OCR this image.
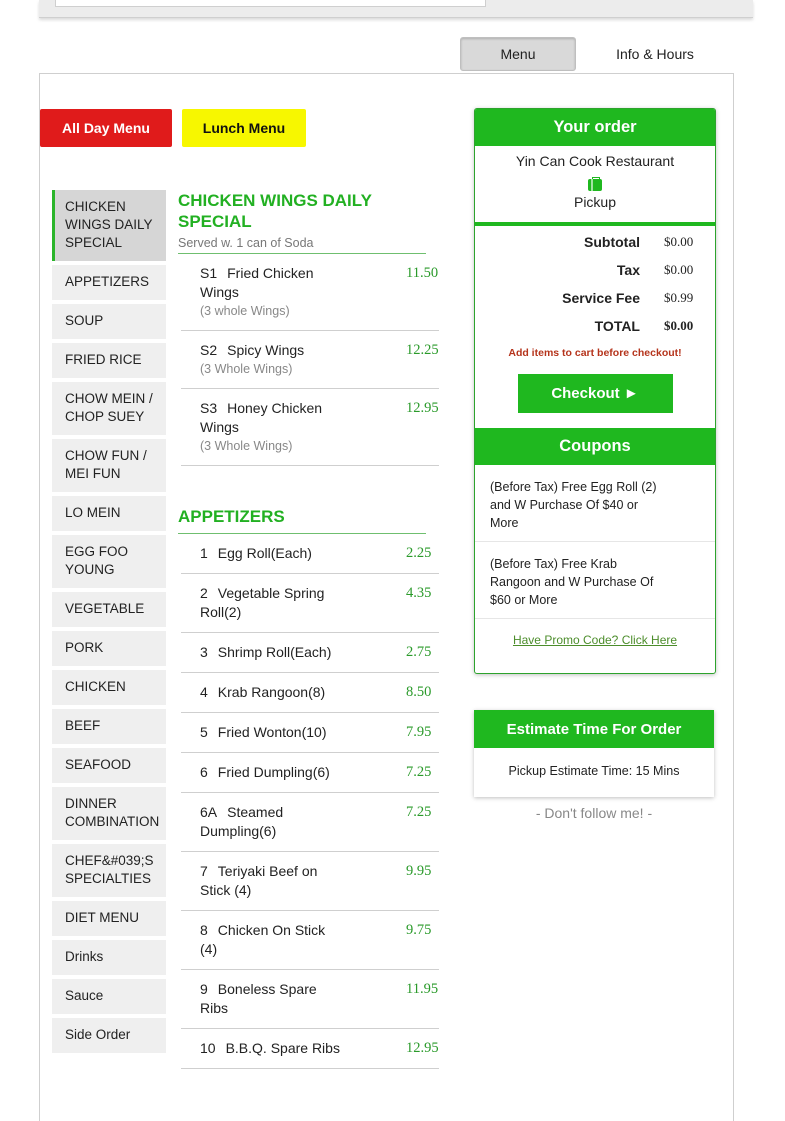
Menu	Info & Hours
All Day Menu	Lunch Menu
CHICKEN WINGS DAILY SPECIAL
APPETIZERS
SOUP
FRIED RICE
CHOW MEIN / CHOP SUEY
CHOW FUN / MEI FUN
LO MEIN
EGG FOO YOUNG
VEGETABLE
PORK
CHICKEN
BEEF
SEAFOOD
DINNER COMBINATION
CHEF&#039;S SPECIALTIES
DIET MENU
Drinks
Sauce
Side Order
CHICKEN WINGS DAILY SPECIAL
Served w. 1 can of Soda
S1 Fried Chicken Wings
(3 whole Wings)
11.50
S2 Spicy Wings
(3 Whole Wings)
12.25
S3 Honey Chicken Wings
(3 Whole Wings)
12.95
APPETIZERS
1 Egg Roll(Each)	2.25
2 Vegetable Spring Roll(2)
4.35
3 Shrimp Roll(Each)	2.75
4 Krab Rangoon(8)	8.50
5 Fried Wonton(10)	7.95
6 Fried Dumpling(6)	7.25
6A Steamed Dumpling(6)
7.25
7 Teriyaki Beef on Stick (4)
9.95
8 Chicken On Stick (4)
9.75
9 Boneless Spare Ribs
11.95
10 B.B.Q. Spare Ribs	12.95
Your order
Yin Can Cook Restaurant
Pickup
Subtotal $0.00
Tax $0.00
Service Fee $0.99
TOTAL $0.00
Add items to cart before checkout!
Checkout ►
Coupons
(Before Tax) Free Egg Roll (2) and W Purchase Of $40 or More
(Before Tax) Free Krab Rangoon and W Purchase Of $60 or More
Have Promo Code? Click Here
Estimate Time For Order
Pickup Estimate Time: 15 Mins
- Don't follow me! -
